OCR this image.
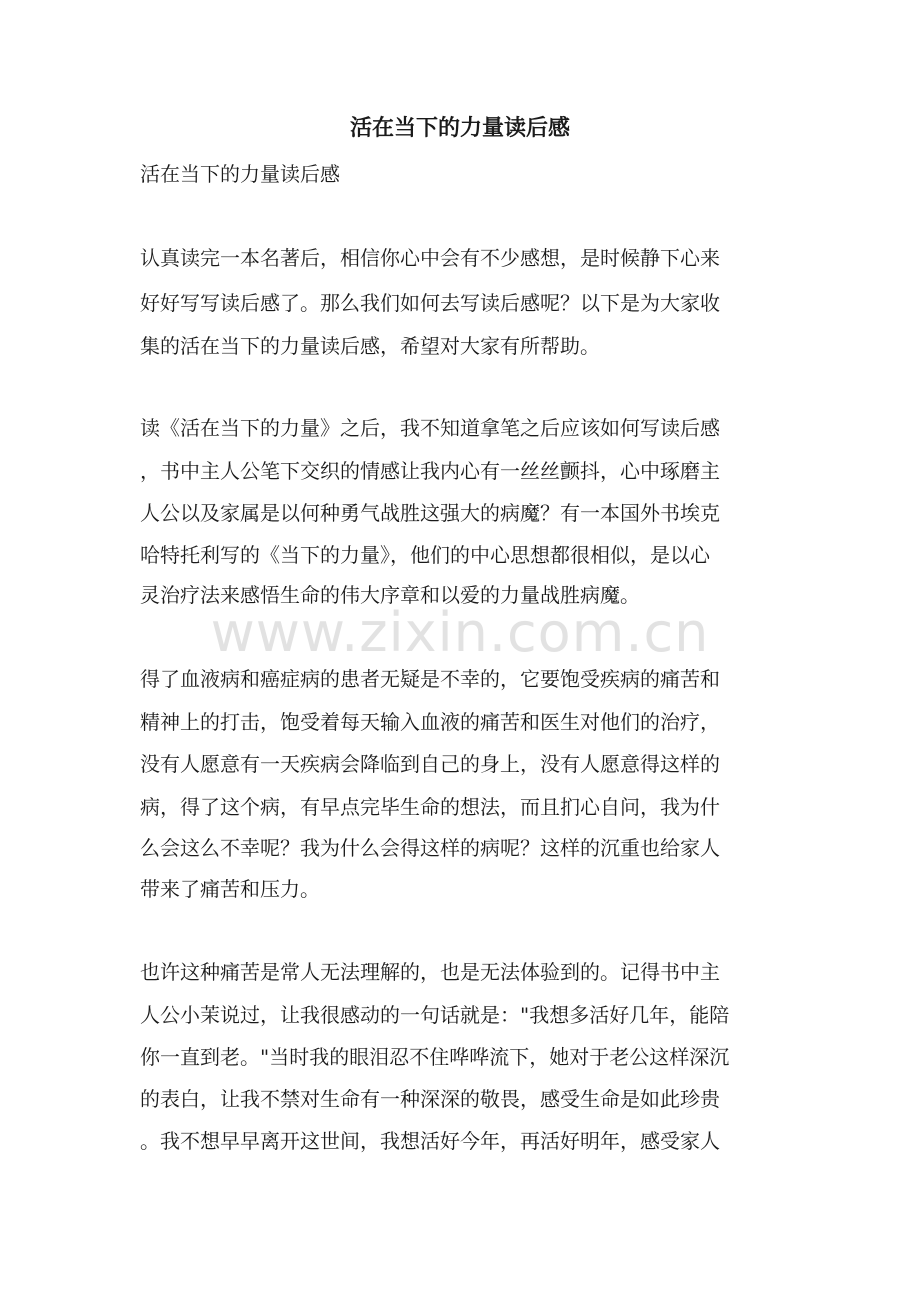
活在当下的力量读后感

活在当下的力量读后感

认真读完一本名著后，相信你心中会有不少感想，是时候静下心来

好好写写读后感了。那么我们如何去写读后感呢？以下是为大家收

集的活在当下的力量读后感，希望对大家有所帮助。

读《活在当下的力量》之后，我不知道拿笔之后应该如何写读后感

，书中主人公笔下交织的情感让我内心有一丝丝颤抖，心中琢磨主

人公以及家属是以何种勇气战胜这强大的病魔？有一本国外书埃克

哈特托利写的《当下的力量》，他们的中心思想都很相似，是以心

灵治疗法来感悟生命的伟大序章和以爱的力量战胜病魔。

得了血液病和癌症病的患者无疑是不幸的，它要饱受疾病的痛苦和

精神上的打击，饱受着每天输入血液的痛苦和医生对他们的治疗，

没有人愿意有一天疾病会降临到自己的身上，没有人愿意得这样的

病，得了这个病，有早点完毕生命的想法，而且扪心自问，我为什

么会这么不幸呢？我为什么会得这样的病呢？这样的沉重也给家人

带来了痛苦和压力。

也许这种痛苦是常人无法理解的，也是无法体验到的。记得书中主

人公小茉说过，让我很感动的一句话就是："我想多活好几年，能陪

你一直到老。"当时我的眼泪忍不住哗哗流下，她对于老公这样深沉

的表白，让我不禁对生命有一种深深的敬畏，感受生命是如此珍贵

。我不想早早离开这世间，我想活好今年，再活好明年，感受家人

www.zixin.com.cn
